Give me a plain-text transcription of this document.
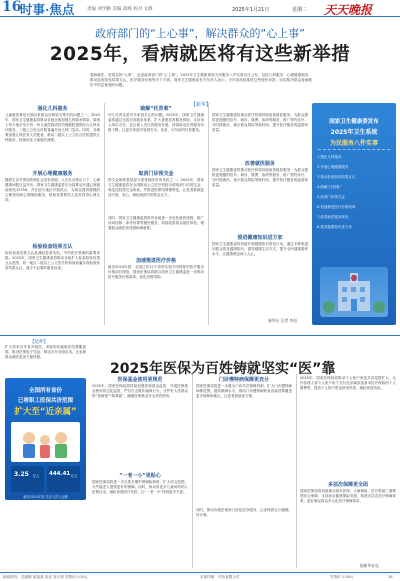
16
时事·焦点	责编 刘学勤 美编 邱峰 校对 文静	2025年1月21日	星期二 天天晚报
政府部门的“上心事”，解决群众的“心上事”
2025年，看病就医将有这些新举措
看病就医，是群众的“大事”，也是政府部门的“心上事”。2025年卫生健康系统为民服务八件实事近日公布，包括儿科服务、心理健康服务、推动检查检验结果互认、医疗服务价格等多个方面。国家卫生健康委有关负责人表示，今年将持续推进这些便民举措，切实解决群众看病就医中的急难愁盼问题。
【新华】
强化儿科服务
儿童就医难是长期以来群众反映较为集中的问题之一。2025年，国家卫生健康委将推动各地全面加强儿科服务供给，原则上每个地市至少有一所儿童医院或妇幼保健院提供综合儿科诊疗服务，三级公立综合医院普遍开设儿科门急诊。同时，各地要加强儿科医务人员配备，推动二级以上公立综合医院提供儿科服务，持续优化儿童就医流程。
开展心理健康服务
随着生活节奏加快和社会竞争加剧，人们在各种压力下，心理健康问题日益突出。国家卫生健康委将在全国推动开通心理援助热线12356，并在部分地区开展试点，为群众提供便捷的心理咨询和心理援助服务，帮助有需要的人及时获得心理支持。
检验检查结果互认
检验检查结果互认是减轻患者负担、节约医疗资源的重要举措。2025年，国家卫生健康委将推动各地扩大检查检验结果互认范围，同一地区二级以上公立医疗机构间普遍实现检查检验结果互认，减少不必要的重复检查。
破解“托育难”
幼儿托育也是许多家庭关心的问题。2025年，国家卫生健康委将通过完善托育服务体系，扩大普惠托育服务供给，支持用人单位办托、社区嵌入式托育服务发展，持续推动托育服务价格下降，让更多家庭享受到安全、优质、可负担的托育服务。
取消门诊预交金
预交金制度曾是部分患者就医时的负担之一。2025年，国家卫生健康委将在全国推动公立医疗机构全面取消门诊预交金，规范住院预交金收取，并推进医保结算便利化，让患者看病更加方便、省心，减轻就医时的资金压力。
同时，国家卫生健康委将指导各地进一步优化就医流程，推广诊间结算、床旁结算等便民服务，持续改善群众就医体验，增强群众就医获得感和满意度。
加速推进医疗价格
截至2024年底，全国已有17个省份实现不同程度的医疗服务价格项目规范，国家医保局将联合国家卫生健康委进一步推动医疗服务价格改革，优化价格结构。
改善就医服务
国家卫生健康委将推动医疗机构持续改善就医服务，为群众提供更便捷的挂号、候诊、缴费、取药等服务，推广预约诊疗、分时段就诊，减少群众排队等候时间，提升医疗服务的温度和质量。
国家卫生健康委将推动医疗机构持续改善就医服务，为群众提供更便捷的挂号、候诊、缴费、取药等服务，推广预约诊疗、分时段就诊，减少群众排队等候时间，提升医疗服务的温度和质量。
推进健康知识进万家
国家卫生健康委将持续开展健康知识普及行动，通过多种渠道向群众普及健康知识，倡导健康生活方式，提升全民健康素养水平，让健康理念深入人心。
新华社 记者 李恒
国家卫生健康委发布
2025年卫生系统
为民服务八件实事
1.强化儿科服务
2.开展心理健康服务
3.推动检查检验结果互认
4.破解“托育难”
5.取消门诊预交金
6.加速推进医疗价格改革
7.改善就医服务体验
8.推进健康知识进万家
【延伸】
2025年医保为百姓铸就坚实“医”靠
扩大将来自外省市就医、申报的异地就医结算覆盖面，推进医保电子凭证、移动支付全面应用，让参保群众就医更加方便快捷。
全国所有省份
已将职工医保共济范围
扩大至“近亲属”
3.25 亿人 444.41 亿元
截至2024年底 共济人次与金额
医保基金使用更规范
2025年，国家医保局将持续加强医保基金监管，开展医保基金使用常态化监管，严厉打击欺诈骗保行为，守护好人民群众的“看病钱”“救命钱”，确保医保基金安全高效使用。
“一老一小”更贴心
国家医保局将进一步完善长期护理保险制度，扩大试点范围，为失能老人提供更好的保障。同时，推动将更多儿童用药纳入医保目录，减轻家庭医疗负担，让“一老一小”得到更多关爱。
门诊慢特病保障更充分
国家医保局将进一步健全门诊共济保障机制，扩大门诊慢特病病种范围，提高保障水平，推动门诊慢特病跨省直接结算覆盖更多病种和地区，让患者看病更方便。
同时，推动各地医保部门优化经办服务，让参保群众少跑腿、好办事。
2025年，国家医保局将推动个人账户家庭共济范围扩大，允许参保人将个人账户用于支付近亲属参加基本医疗保险的个人缴费等，提高个人账户资金使用效率，减轻家庭负担。
多层次保障更全面
国家医保局将持续推动基本医保、大病保险、医疗救助三重制度综合保障，支持商业健康保险发展，构建多层次医疗保障体系，更好满足群众多元化医疗保障需求。
据新华社电
新闻热线：总编辑 某某某 电话 发行部 零售价1.00元	本报印刷：印务有限公司	零售价 1.00元	16
